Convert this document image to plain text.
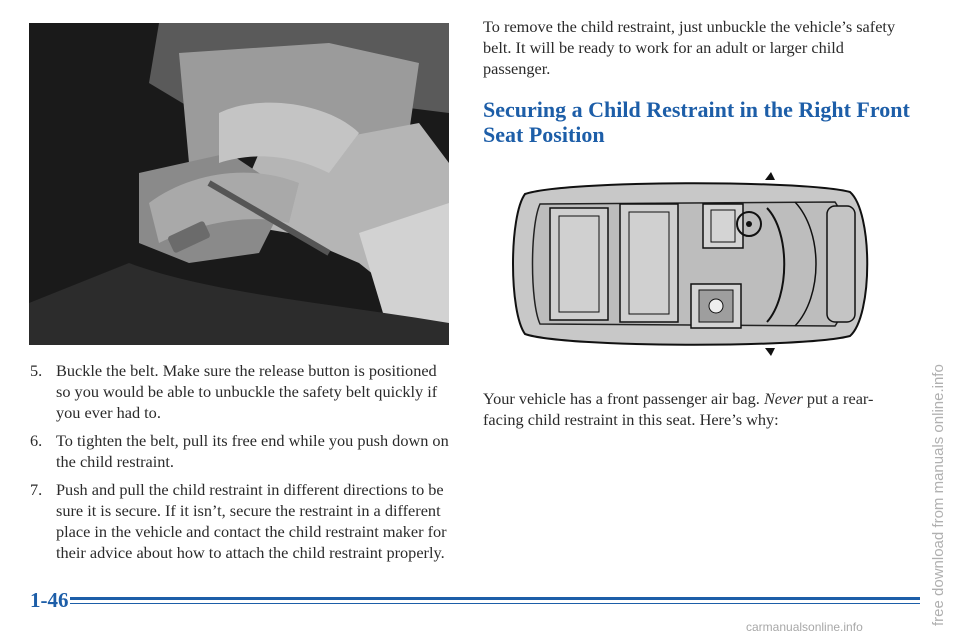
5. Buckle the belt. Make sure the release button is positioned so you would be able to unbuckle the safety belt quickly if you ever had to.
6. To tighten the belt, pull its free end while you push down on the child restraint.
7. Push and pull the child restraint in different directions to be sure it is secure. If it isn’t, secure the restraint in a different place in the vehicle and contact the child restraint maker for their advice about how to attach the child restraint properly.
To remove the child restraint, just unbuckle the vehicle’s safety belt. It will be ready to work for an adult or larger child passenger.
Securing a Child Restraint in the Right Front Seat Position
Your vehicle has a front passenger air bag. Never put a rear-facing child restraint in this seat. Here’s why:
1-46	free download from manuals online.info
carmanualsonline.info
